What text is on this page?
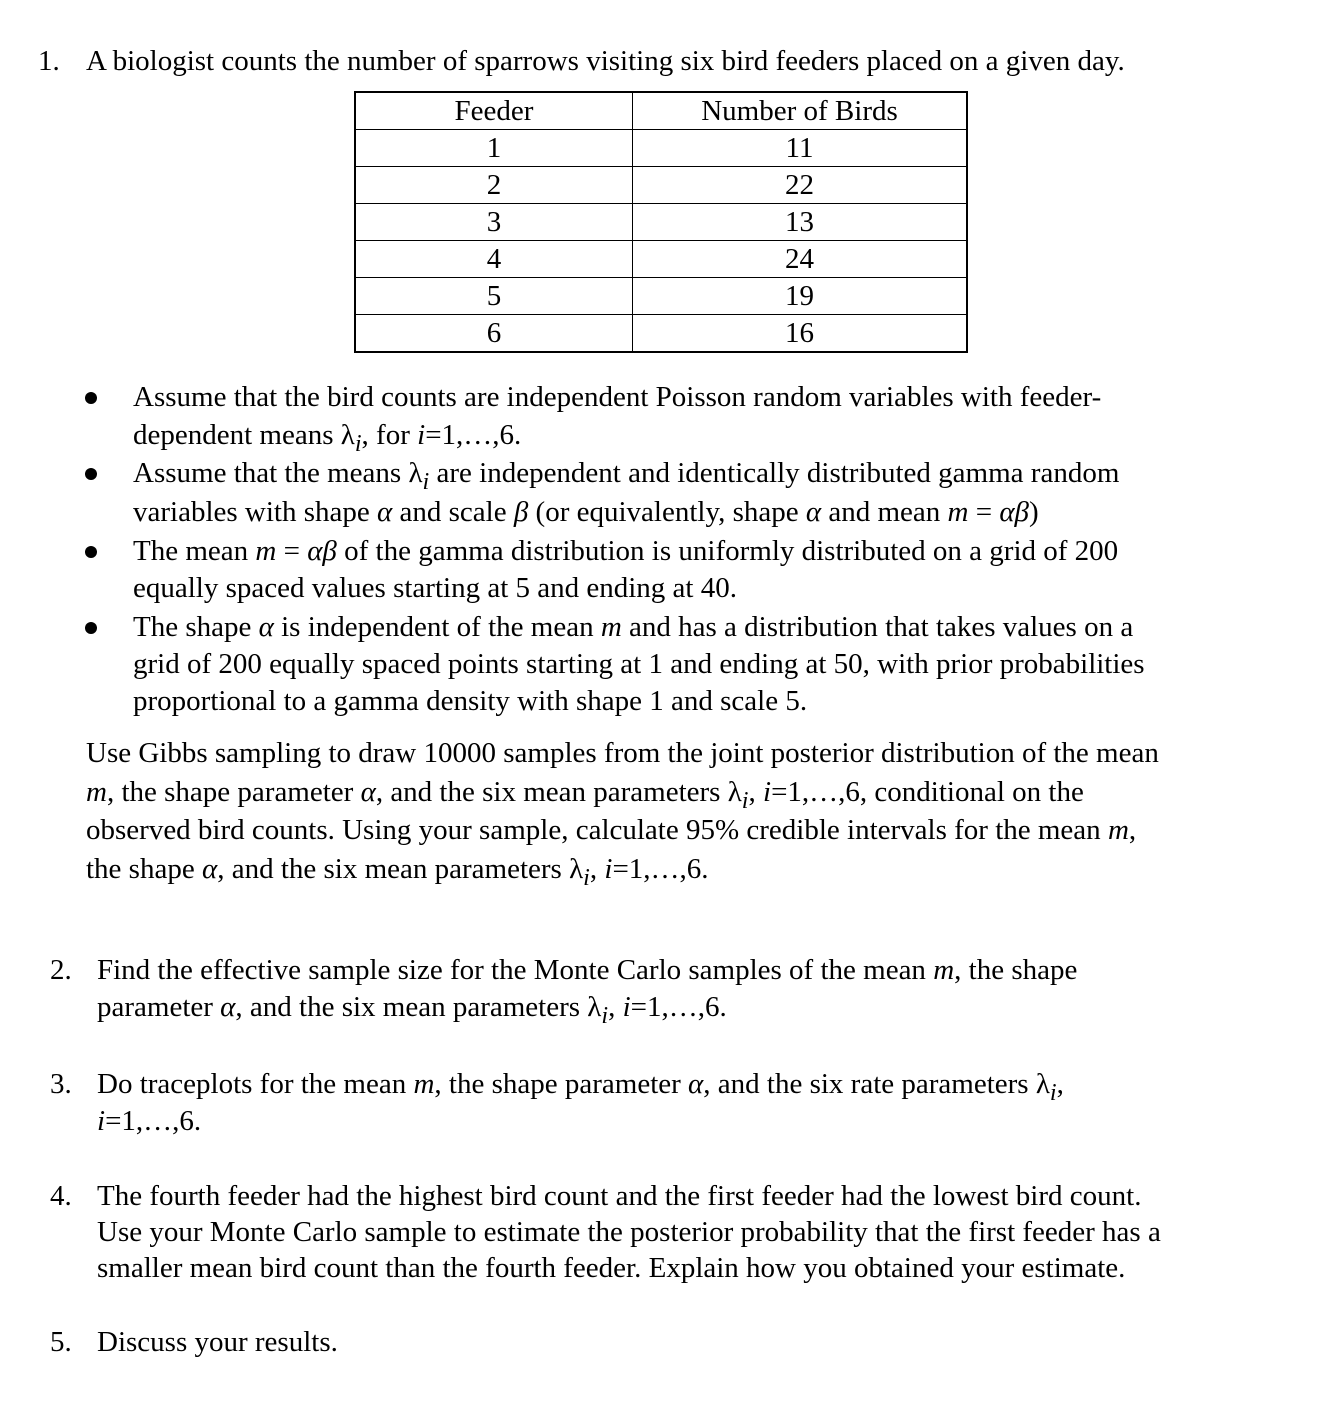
1. A biologist counts the number of sparrows visiting six bird feeders placed on a given day.
Feeder	Number of Birds
1	11
2	22
3	13
4	24
5	19
6	16
Assume that the bird counts are independent Poisson random variables with feeder-
dependent means $\lambda_i$, for i=1,…,6.
Assume that the means $\lambda_i$ are independent and identically distributed gamma random
variables with shape α and scale β (or equivalently, shape α and mean m = αβ)
The mean m = αβ of the gamma distribution is uniformly distributed on a grid of 200
equally spaced values starting at 5 and ending at 40.
The shape α is independent of the mean m and has a distribution that takes values on a
grid of 200 equally spaced points starting at 1 and ending at 50, with prior probabilities
proportional to a gamma density with shape 1 and scale 5.
Use Gibbs sampling to draw 10000 samples from the joint posterior distribution of the mean
m, the shape parameter α, and the six mean parameters $\lambda_i$, i=1,…,6, conditional on the
observed bird counts. Using your sample, calculate 95% credible intervals for the mean m,
the shape α, and the six mean parameters $\lambda_i$, i=1,…,6.
2. Find the effective sample size for the Monte Carlo samples of the mean m, the shape
parameter α, and the six mean parameters $\lambda_i$, i=1,…,6.
3. Do traceplots for the mean m, the shape parameter α, and the six rate parameters $\lambda_i$,
i=1,…,6.
4. The fourth feeder had the highest bird count and the first feeder had the lowest bird count.
Use your Monte Carlo sample to estimate the posterior probability that the first feeder has a
smaller mean bird count than the fourth feeder. Explain how you obtained your estimate.
5. Discuss your results.
